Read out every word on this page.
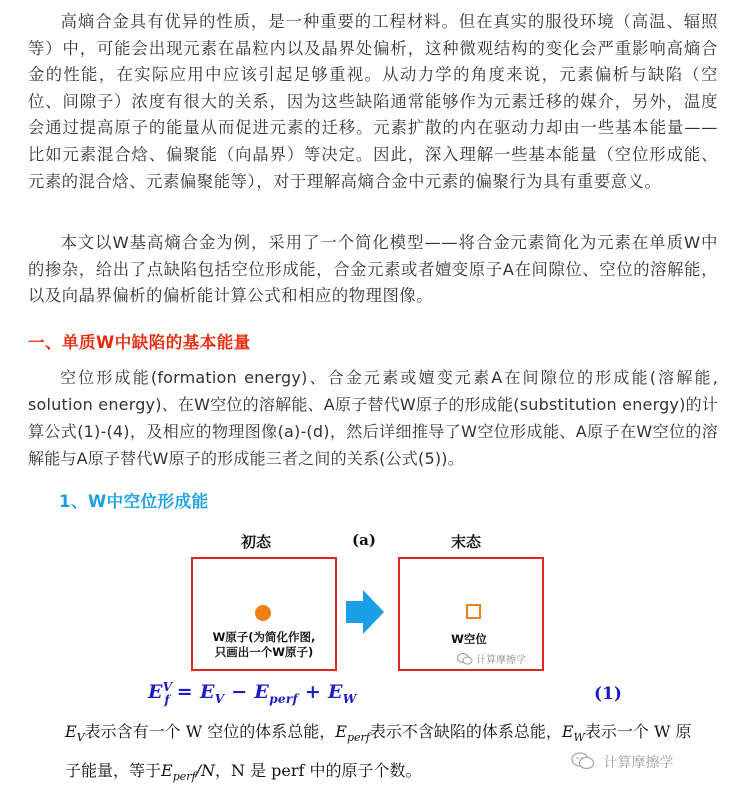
高熵合金具有优异的性质，是一种重要的工程材料。但在真实的服役环境（高温、辐照等）中，可能会出现元素在晶粒内以及晶界处偏析，这种微观结构的变化会严重影响高熵合金的性能，在实际应用中应该引起足够重视。从动力学的角度来说，元素偏析与缺陷（空位、间隙子）浓度有很大的关系，因为这些缺陷通常能够作为元素迁移的媒介，另外，温度会通过提高原子的能量从而促进元素的迁移。元素扩散的内在驱动力却由一些基本能量——比如元素混合焓、偏聚能（向晶界）等决定。因此，深入理解一些基本能量（空位形成能、元素的混合焓、元素偏聚能等），对于理解高熵合金中元素的偏聚行为具有重要意义。

本文以W基高熵合金为例，采用了一个简化模型——将合金元素简化为元素在单质W中的掺杂，给出了点缺陷包括空位形成能，合金元素或者嬗变原子A在间隙位、空位的溶解能，以及向晶界偏析的偏析能计算公式和相应的物理图像。

一、单质W中缺陷的基本能量

空位形成能(formation energy)、合金元素或嬗变元素A在间隙位的形成能(溶解能, solution energy)、在W空位的溶解能、A原子替代W原子的形成能(substitution energy)的计算公式(1)-(4)，及相应的物理图像(a)-(d)，然后详细推导了W空位形成能、A原子在W空位的溶解能与A原子替代W原子的形成能三者之间的关系(公式(5))。

1、W中空位形成能
初态	(a)	末态
W原子(为简化作图,
只画出一个W原子)
W空位
计算摩擦学
$E^V_f = E_V - E_{perf} + E_W$	(1)
$E_V$表示含有一个 W 空位的体系总能，$E_{perf}$表示不含缺陷的体系总能，$E_W$表示一个 W 原子能量，等于$E_{perf}/N$，N 是 perf 中的原子个数。	计算摩擦学
